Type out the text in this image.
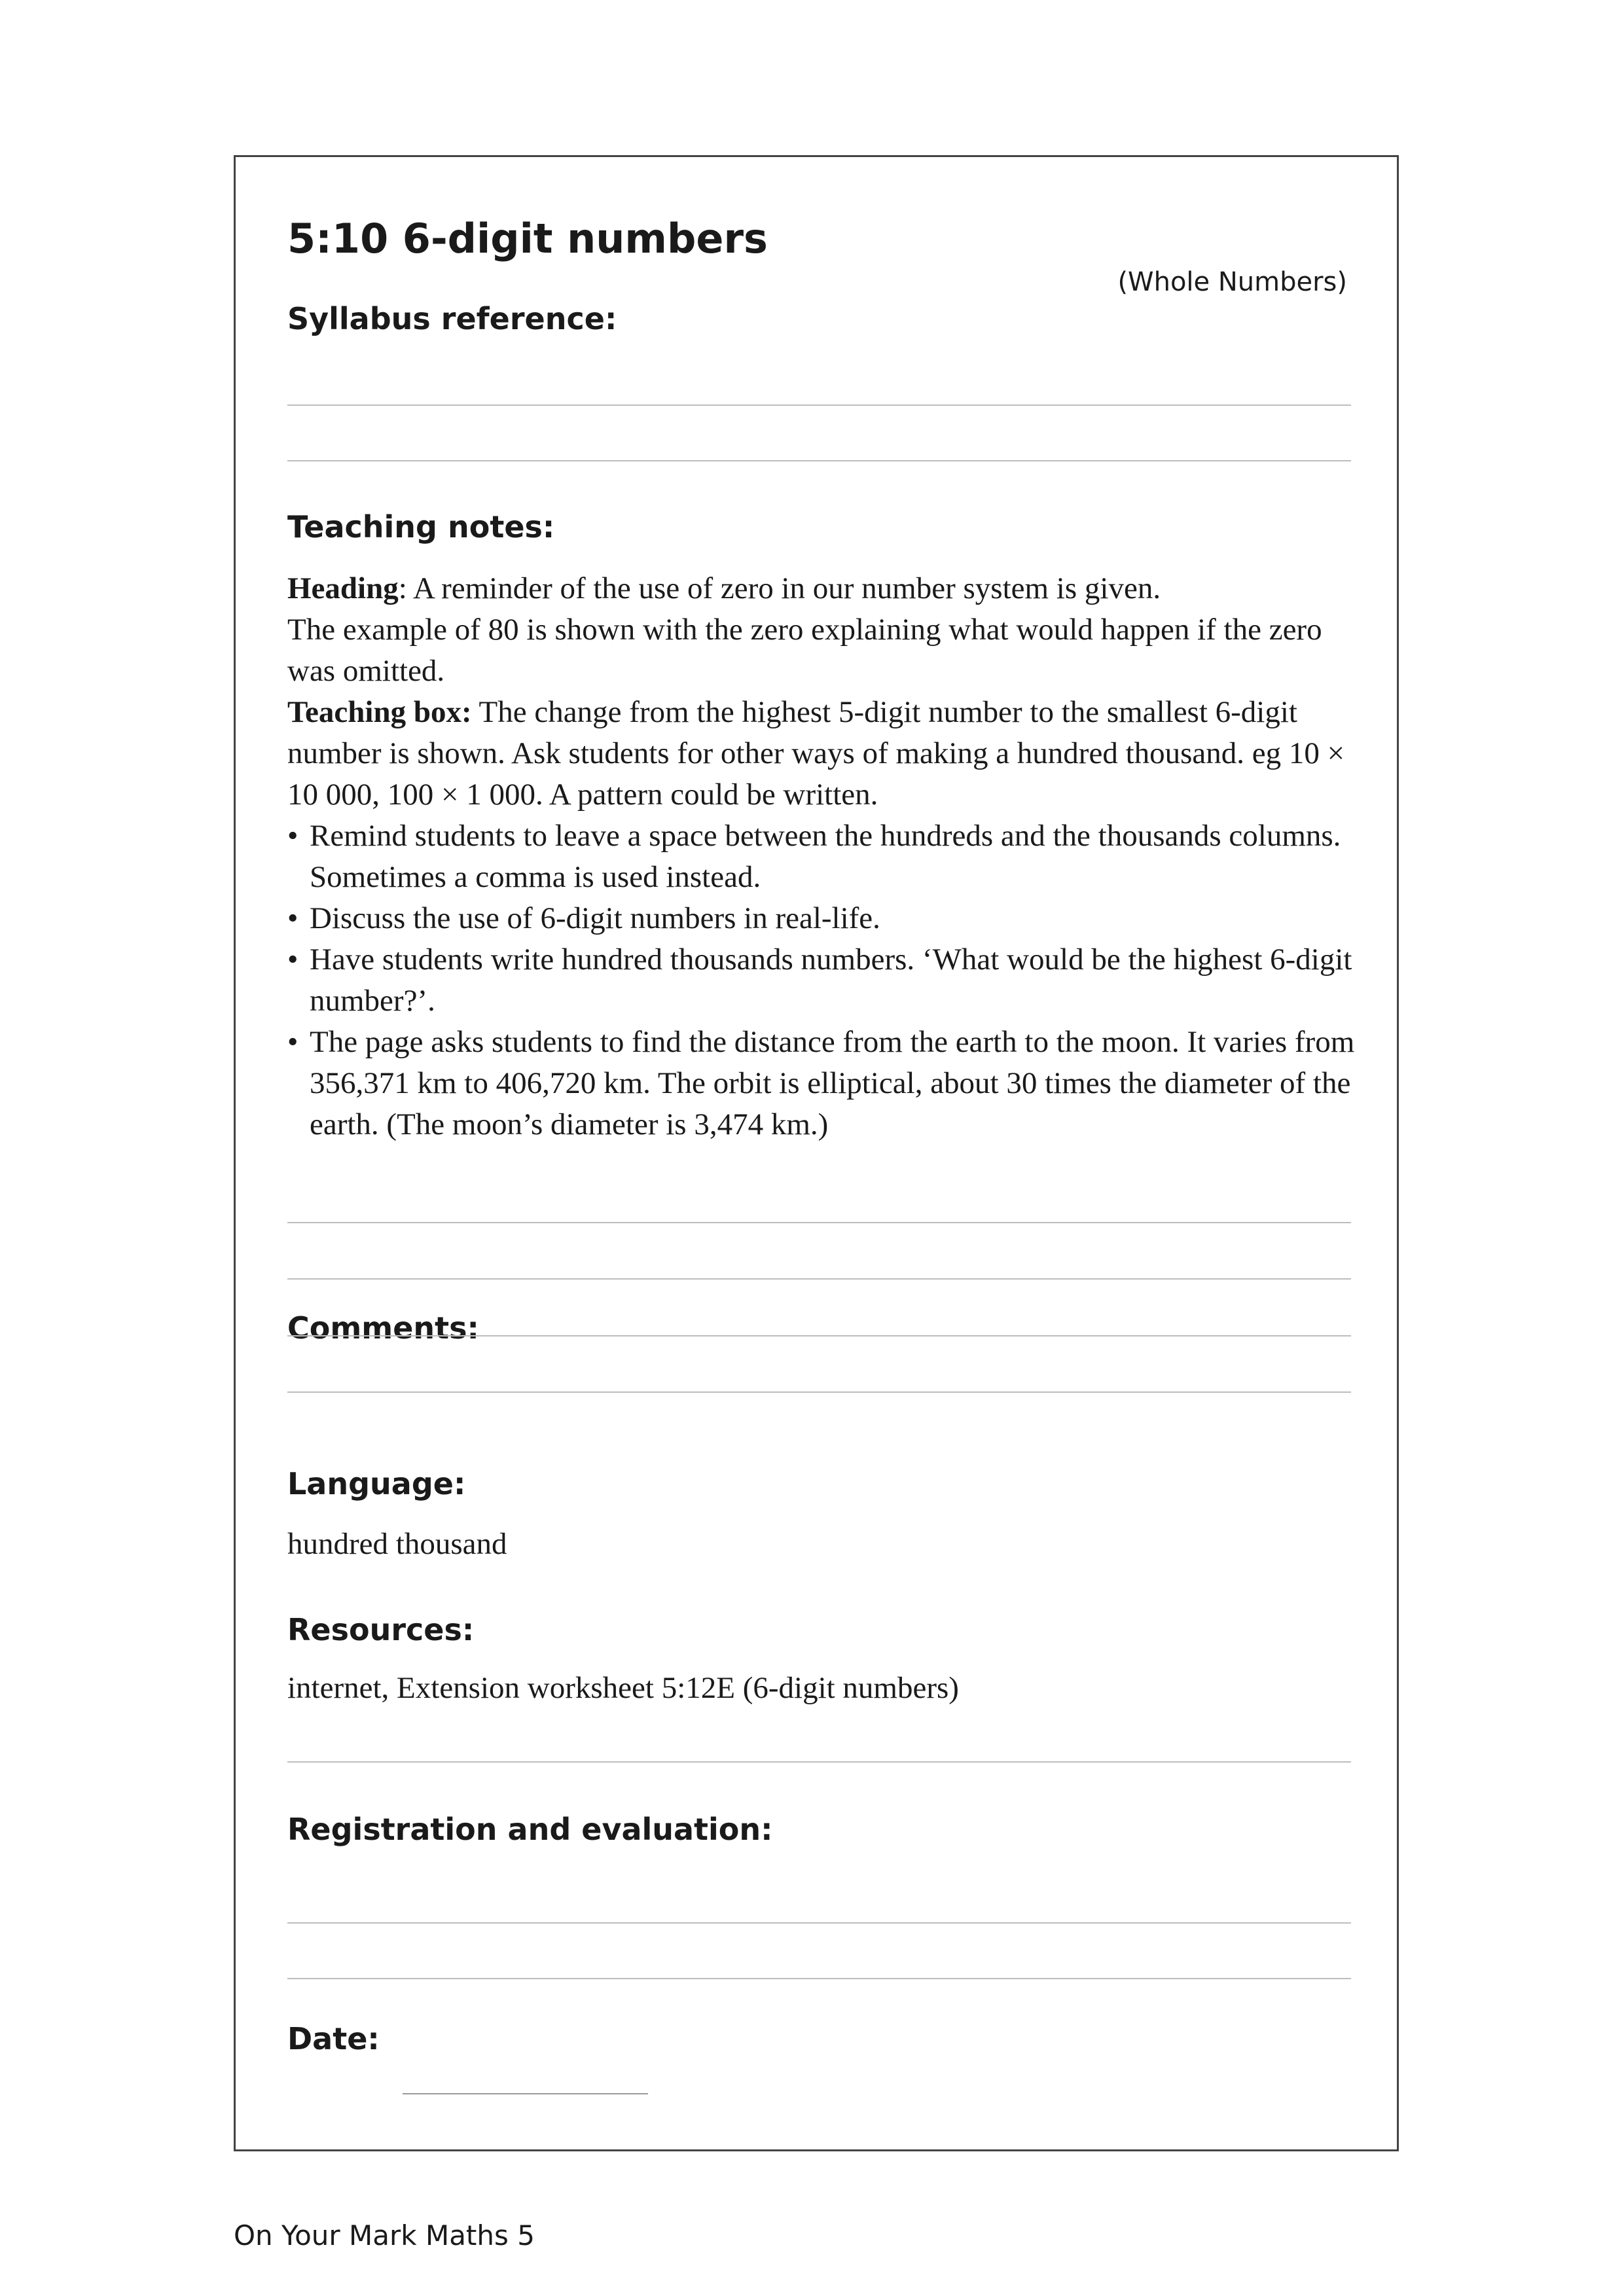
5:10 6-digit numbers
(Whole Numbers)
Syllabus reference:
Teaching notes:

Heading: A reminder of the use of zero in our number system is given.

The example of 80 is shown with the zero explaining what would happen if the zero was omitted.

Teaching box: The change from the highest 5-digit number to the smallest 6-digit number is shown. Ask students for other ways of making a hundred thousand. eg 10 × 10 000, 100 × 1 000. A pattern could be written.

• Remind students to leave a space between the hundreds and the thousands columns. Sometimes a comma is used instead.
• Discuss the use of 6-digit numbers in real-life.
• Have students write hundred thousands numbers. ‘What would be the highest 6-digit number?’.
• The page asks students to find the distance from the earth to the moon. It varies from 356,371 km to 406,720 km. The orbit is elliptical, about 30 times the diameter of the earth. (The moon’s diameter is 3,474 km.)
Comments:
Language:
hundred thousand
Resources:
internet, Extension worksheet 5:12E (6-digit numbers)
Registration and evaluation:
Date:
On Your Mark Maths 5
